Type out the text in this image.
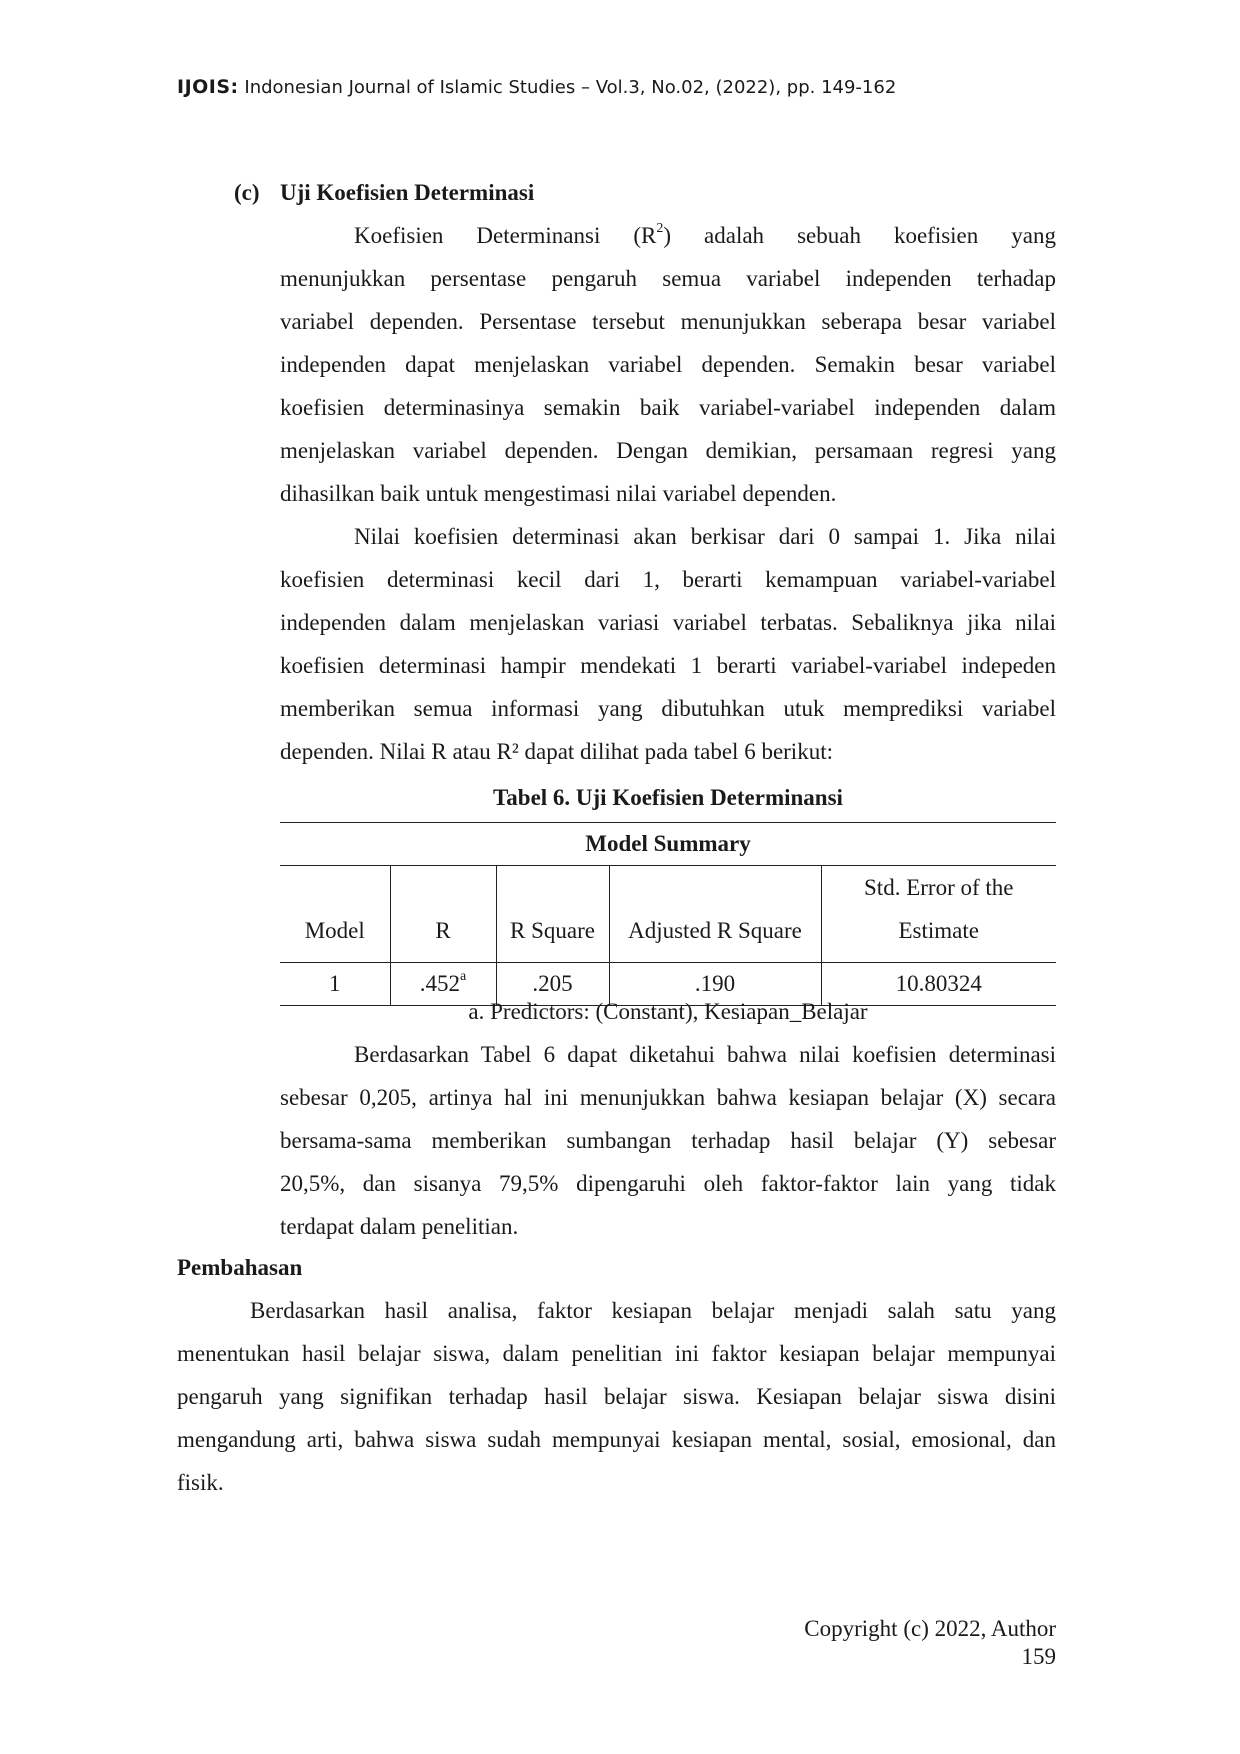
IJOIS: Indonesian Journal of Islamic Studies – Vol.3, No.02, (2022), pp. 149-162
(c) Uji Koefisien Determinasi
Koefisien Determinansi $(R^2)$ adalah sebuah koefisien yang
menunjukkan persentase pengaruh semua variabel independen terhadap
variabel dependen. Persentase tersebut menunjukkan seberapa besar variabel
independen dapat menjelaskan variabel dependen. Semakin besar variabel
koefisien determinasinya semakin baik variabel-variabel independen dalam
menjelaskan variabel dependen. Dengan demikian, persamaan regresi yang
dihasilkan baik untuk mengestimasi nilai variabel dependen.
Nilai koefisien determinasi akan berkisar dari 0 sampai 1. Jika nilai
koefisien determinasi kecil dari 1, berarti kemampuan variabel-variabel
independen dalam menjelaskan variasi variabel terbatas. Sebaliknya jika nilai
koefisien determinasi hampir mendekati 1 berarti variabel-variabel indepeden
memberikan semua informasi yang dibutuhkan utuk memprediksi variabel
dependen. Nilai R atau R² dapat dilihat pada tabel 6 berikut:
Tabel 6. Uji Koefisien Determinansi
Model Summary				
Model	R	R Square	Adjusted R Square	Std. Error of the
Estimate

1	.452$^a$	.205	.190	10.80324
a. Predictors: (Constant), Kesiapan_Belajar
Berdasarkan Tabel 6 dapat diketahui bahwa nilai koefisien determinasi
sebesar 0,205, artinya hal ini menunjukkan bahwa kesiapan belajar (X) secara
bersama-sama memberikan sumbangan terhadap hasil belajar (Y) sebesar
20,5%, dan sisanya 79,5% dipengaruhi oleh faktor-faktor lain yang tidak
terdapat dalam penelitian.
Pembahasan
Berdasarkan hasil analisa, faktor kesiapan belajar menjadi salah satu yang
menentukan hasil belajar siswa, dalam penelitian ini faktor kesiapan belajar mempunyai
pengaruh yang signifikan terhadap hasil belajar siswa. Kesiapan belajar siswa disini
mengandung arti, bahwa siswa sudah mempunyai kesiapan mental, sosial, emosional, dan
fisik.
Copyright (c) 2022, Author
159
